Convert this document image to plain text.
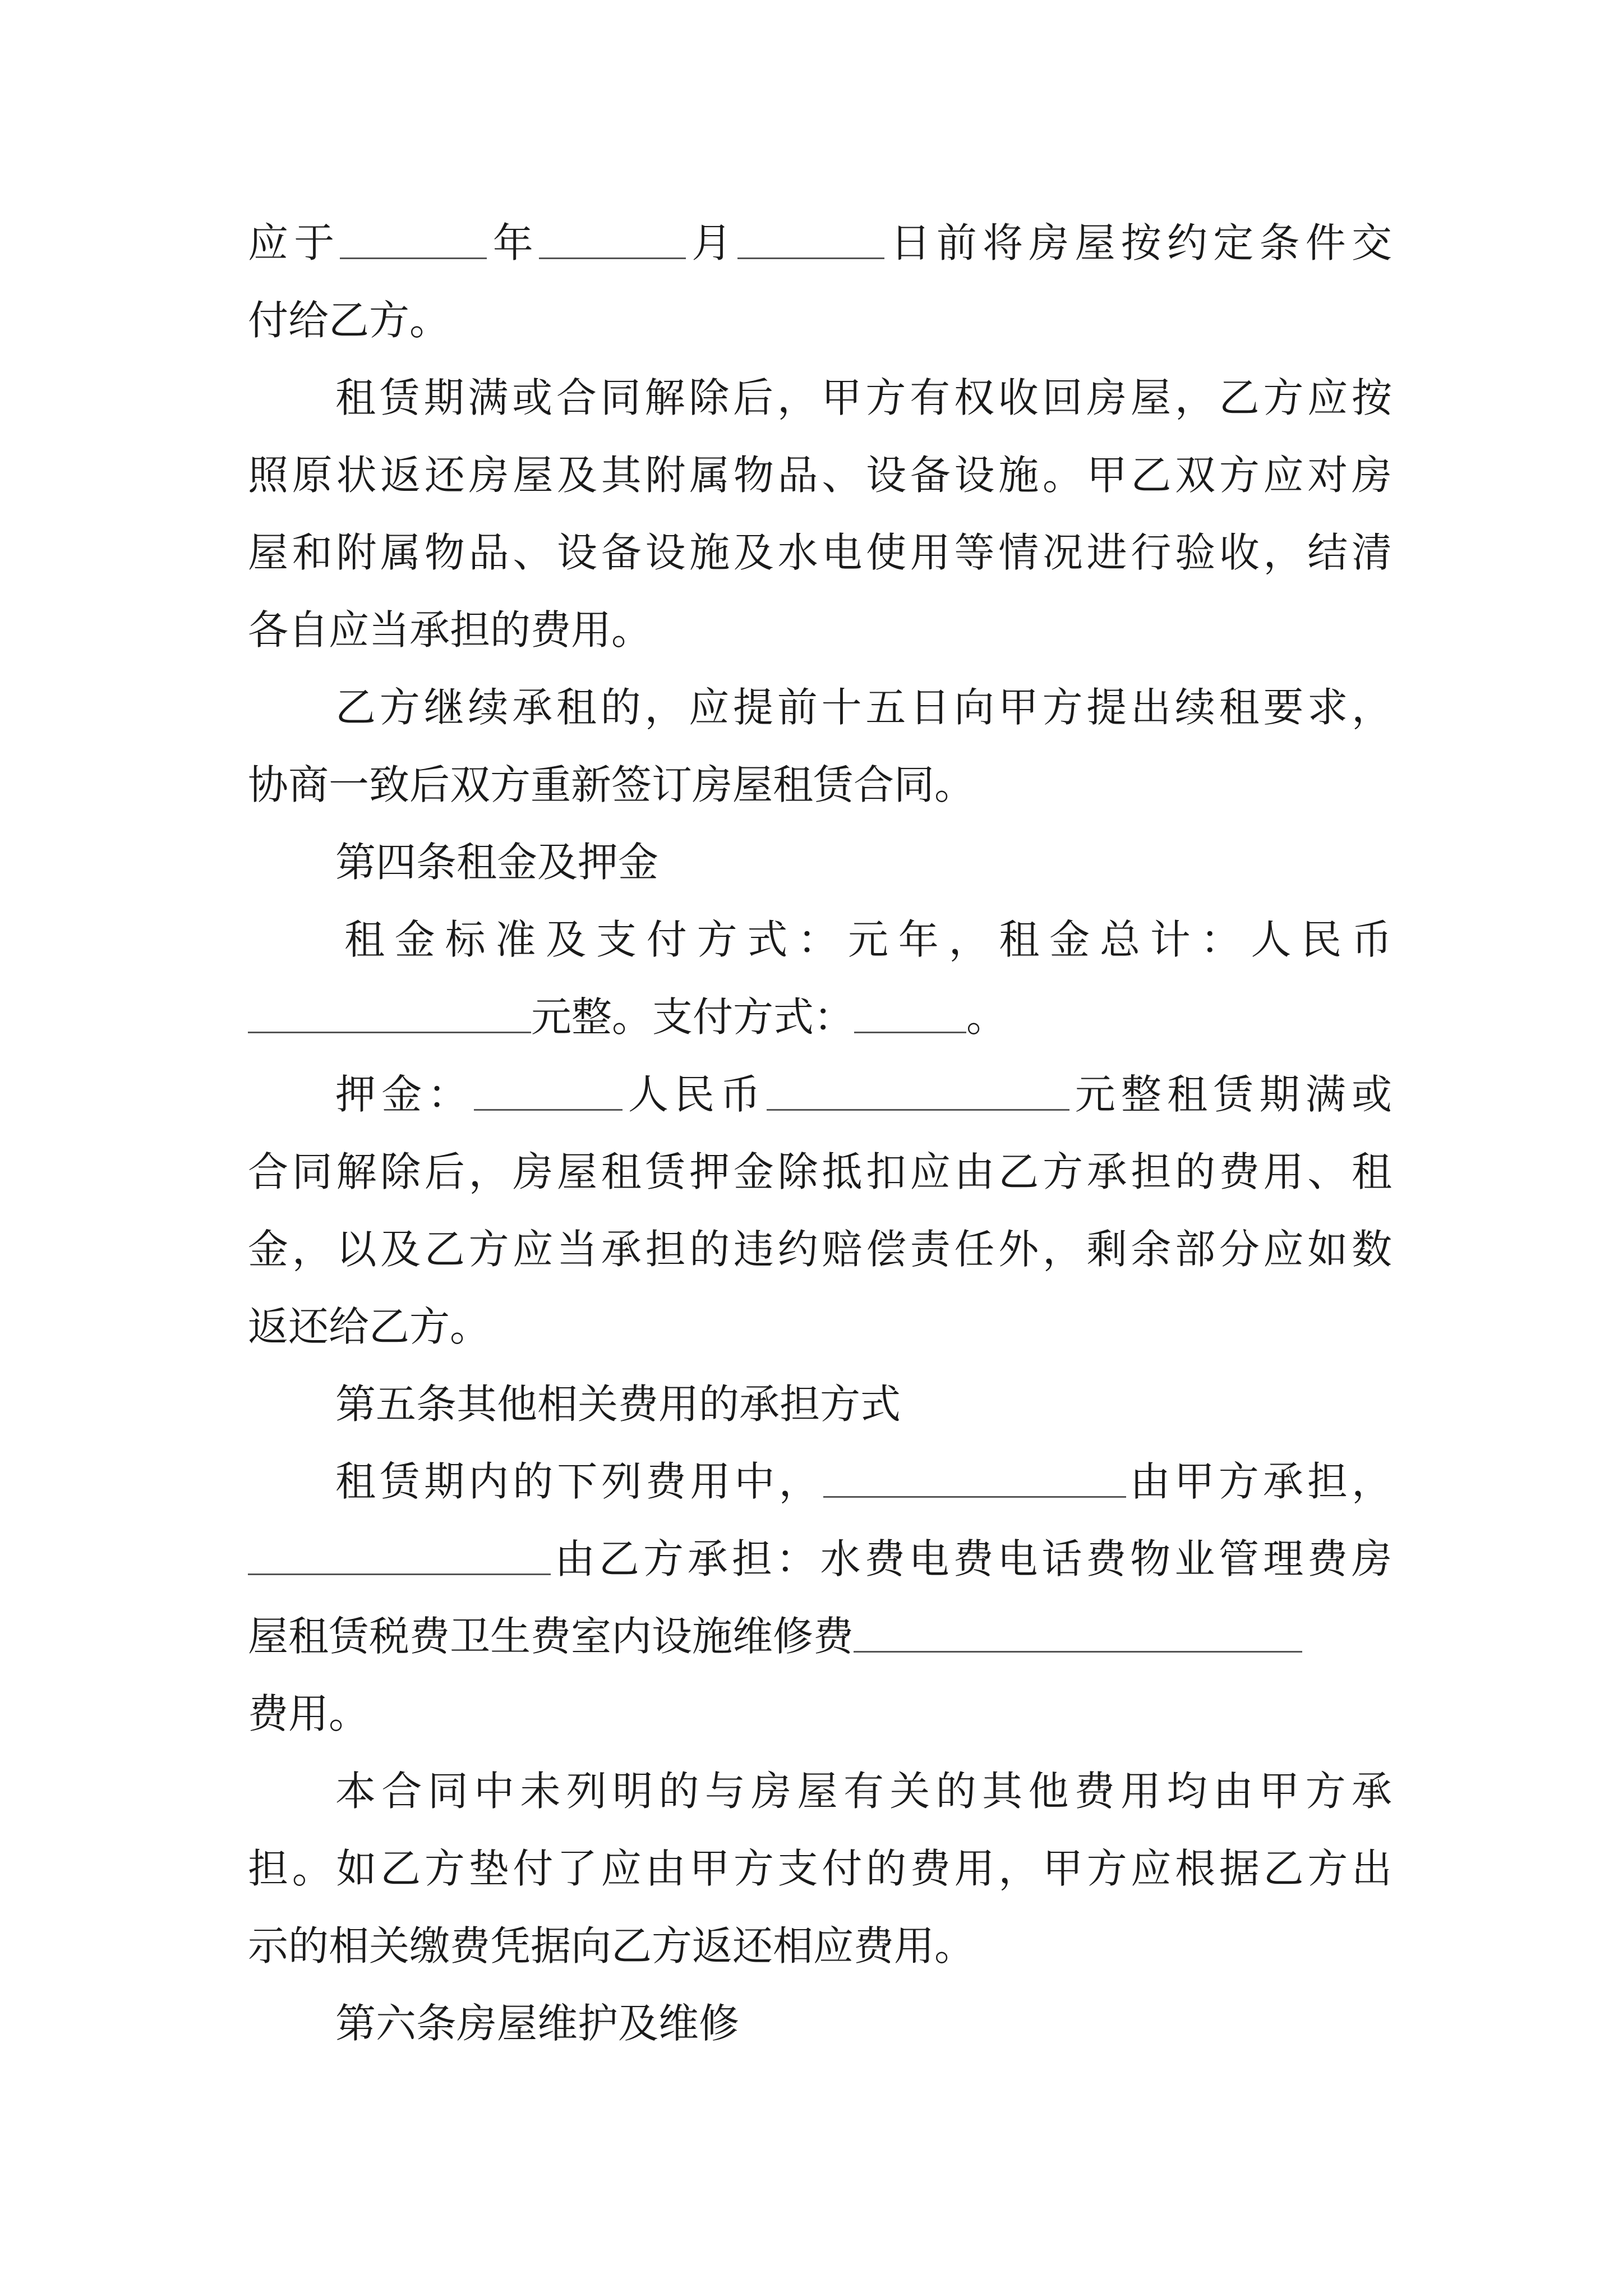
应于	年	月	日前将房屋按约定条件交
付给乙方。
租赁期满或合同解除后，甲方有权收回房屋，乙方应按
照原状返还房屋及其附属物品、设备设施。甲乙双方应对房
屋和附属物品、设备设施及水电使用等情况进行验收，结清
各自应当承担的费用。
乙方继续承租的，应提前十五日向甲方提出续租要求，
协商一致后双方重新签订房屋租赁合同。
第四条租金及押金
租金标准及支付方式：元年，租金总计：人民币
元整。支付方式：	。
押金：	人民币	元整租赁期满或
合同解除后，房屋租赁押金除抵扣应由乙方承担的费用、租
金，以及乙方应当承担的违约赔偿责任外，剩余部分应如数
返还给乙方。
第五条其他相关费用的承担方式
租赁期内的下列费用中，	由甲方承担，
由乙方承担：水费电费电话费物业管理费房
屋租赁税费卫生费室内设施维修费
费用。
本合同中未列明的与房屋有关的其他费用均由甲方承
担。如乙方垫付了应由甲方支付的费用，甲方应根据乙方出
示的相关缴费凭据向乙方返还相应费用。
第六条房屋维护及维修
